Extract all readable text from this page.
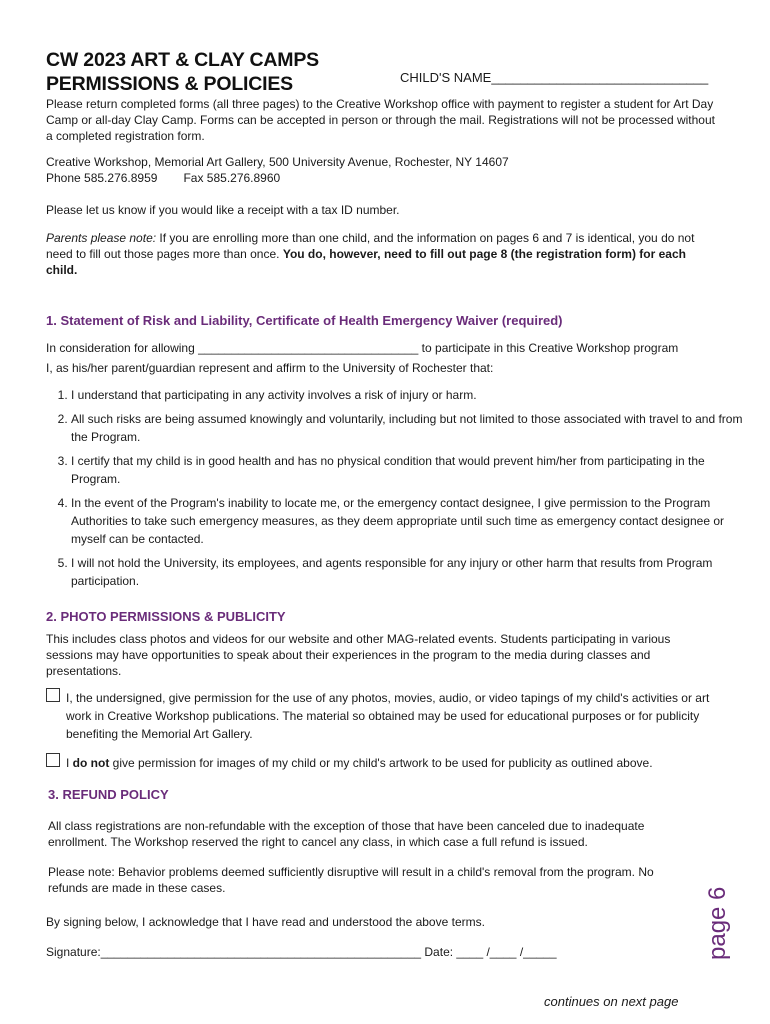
CW 2023 ART & CLAY CAMPS
PERMISSIONS & POLICIES	CHILD'S NAME______________________________
Please return completed forms (all three pages) to the Creative Workshop office with payment to register a student for Art Day Camp or all-day Clay Camp. Forms can be accepted in person or through the mail. Registrations will not be processed without a completed registration form.
Creative Workshop, Memorial Art Gallery, 500 University Avenue, Rochester, NY 14607
Phone 585.276.8959 Fax 585.276.8960
Please let us know if you would like a receipt with a tax ID number.
Parents please note: If you are enrolling more than one child, and the information on pages 6 and 7 is identical, you do not need to fill out those pages more than once. You do, however, need to fill out page 8 (the registration form) for each child.
1. Statement of Risk and Liability, Certificate of Health Emergency Waiver (required)
In consideration for allowing _________________________________ to participate in this Creative Workshop program
I, as his/her parent/guardian represent and affirm to the University of Rochester that:
1. I understand that participating in any activity involves a risk of injury or harm.
2. All such risks are being assumed knowingly and voluntarily, including but not limited to those associated with travel to and from the Program.
3. I certify that my child is in good health and has no physical condition that would prevent him/her from participating in the Program.
4. In the event of the Program's inability to locate me, or the emergency contact designee, I give permission to the Program Authorities to take such emergency measures, as they deem appropriate until such time as emergency contact designee or myself can be contacted.
5. I will not hold the University, its employees, and agents responsible for any injury or other harm that results from Program participation.
2. PHOTO PERMISSIONS & PUBLICITY
This includes class photos and videos for our website and other MAG-related events. Students participating in various sessions may have opportunities to speak about their experiences in the program to the media during classes and presentations.
I, the undersigned, give permission for the use of any photos, movies, audio, or video tapings of my child's activities or art work in Creative Workshop publications. The material so obtained may be used for educational purposes or for publicity benefiting the Memorial Art Gallery.
I do not give permission for images of my child or my child's artwork to be used for publicity as outlined above.
3. REFUND POLICY
All class registrations are non-refundable with the exception of those that have been canceled due to inadequate enrollment. The Workshop reserved the right to cancel any class, in which case a full refund is issued.
Please note: Behavior problems deemed sufficiently disruptive will result in a child's removal from the program. No refunds are made in these cases.
By signing below, I acknowledge that I have read and understood the above terms.
Signature:________________________________________________ Date: ____ /____ /_____	page 6
continues on next page
